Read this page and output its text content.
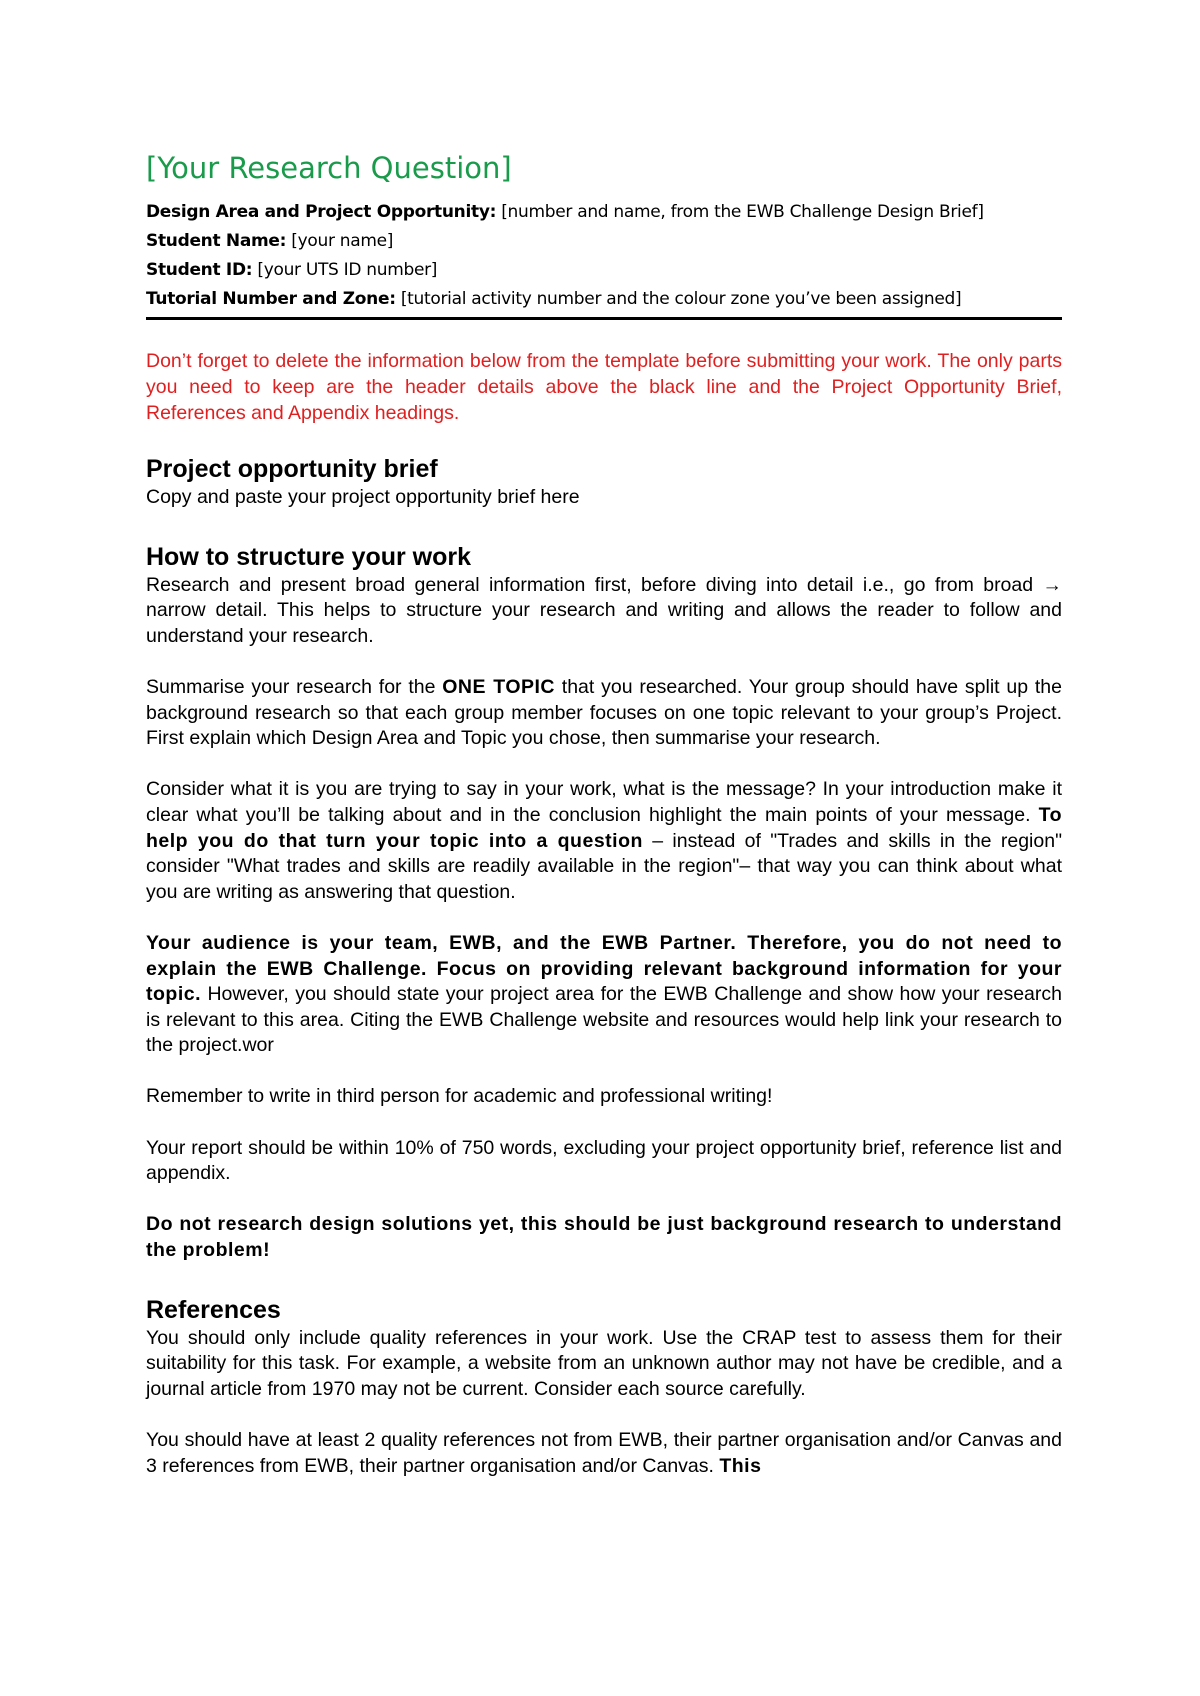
[Your Research Question]
Design Area and Project Opportunity: [number and name, from the EWB Challenge Design Brief]
Student Name: [your name]
Student ID: [your UTS ID number]
Tutorial Number and Zone: [tutorial activity number and the colour zone you’ve been assigned]

Don’t forget to delete the information below from the template before submitting your work. The only parts you need to keep are the header details above the black line and the Project Opportunity Brief, References and Appendix headings.

Project opportunity brief

Copy and paste your project opportunity brief here

How to structure your work

Research and present broad general information first, before diving into detail i.e., go from broad → narrow detail. This helps to structure your research and writing and allows the reader to follow and understand your research.

Summarise your research for the ONE TOPIC that you researched. Your group should have split up the background research so that each group member focuses on one topic relevant to your group’s Project. First explain which Design Area and Topic you chose, then summarise your research.

Consider what it is you are trying to say in your work, what is the message? In your introduction make it clear what you’ll be talking about and in the conclusion highlight the main points of your message. To help you do that turn your topic into a question – instead of "Trades and skills in the region" consider "What trades and skills are readily available in the region"– that way you can think about what you are writing as answering that question.

Your audience is your team, EWB, and the EWB Partner. Therefore, you do not need to explain the EWB Challenge. Focus on providing relevant background information for your topic. However, you should state your project area for the EWB Challenge and show how your research is relevant to this area. Citing the EWB Challenge website and resources would help link your research to the project.wor

Remember to write in third person for academic and professional writing!

Your report should be within 10% of 750 words, excluding your project opportunity brief, reference list and appendix.

Do not research design solutions yet, this should be just background research to understand the problem!

References

You should only include quality references in your work. Use the CRAP test to assess them for their suitability for this task. For example, a website from an unknown author may not have be credible, and a journal article from 1970 may not be current. Consider each source carefully.

You should have at least 2 quality references not from EWB, their partner organisation and/or Canvas and 3 references from EWB, their partner organisation and/or Canvas. This
